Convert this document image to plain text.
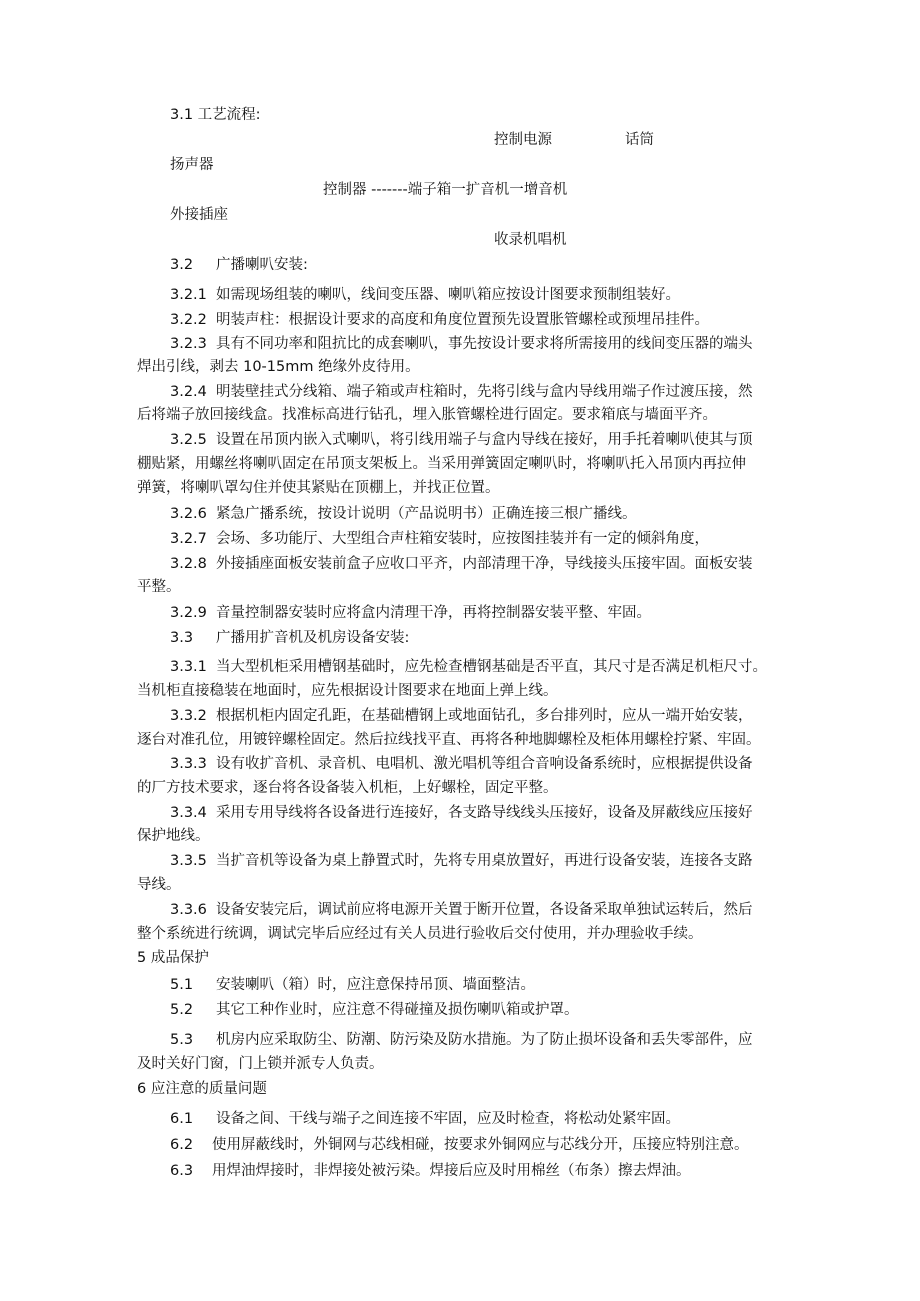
3.1 工艺流程:
控制电源	话筒
扬声器
控制器 -------端子箱一扩音机一增音机
外接插座
收录机唱机
3.2 广播喇叭安装:
3.2.1 如需现场组装的喇叭，线间变压器、喇叭箱应按设计图要求预制组装好。
3.2.2 明装声柱：根据设计要求的高度和角度位置预先设置胀管螺栓或预埋吊挂件。
3.2.3 具有不同功率和阻抗比的成套喇叭，事先按设计要求将所需接用的线间变压器的端头
焊出引线，剥去 10-15mm 绝缘外皮待用。
3.2.4 明装壁挂式分线箱、端子箱或声柱箱时，先将引线与盒内导线用端子作过渡压接，然
后将端子放回接线盒。找准标高进行钻孔，埋入胀管螺栓进行固定。要求箱底与墙面平齐。
3.2.5 设置在吊顶内嵌入式喇叭，将引线用端子与盒内导线在接好，用手托着喇叭使其与顶
棚贴紧，用螺丝将喇叭固定在吊顶支架板上。当采用弹簧固定喇叭时，将喇叭托入吊顶内再拉伸
弹簧，将喇叭罩勾住并使其紧贴在顶棚上，并找正位置。
3.2.6 紧急广播系统，按设计说明（产品说明书）正确连接三根广播线。
3.2.7 会场、多功能厅、大型组合声柱箱安装时，应按图挂装并有一定的倾斜角度，
3.2.8 外接插座面板安装前盒子应收口平齐，内部清理干净，导线接头压接牢固。面板安装
平整。
3.2.9 音量控制器安装时应将盒内清理干净，再将控制器安装平整、牢固。
3.3 广播用扩音机及机房设备安装:
3.3.1 当大型机柜采用槽钢基础时，应先检查槽钢基础是否平直，其尺寸是否满足机柜尺寸。
当机柜直接稳装在地面时，应先根据设计图要求在地面上弹上线。
3.3.2 根据机柜内固定孔距，在基础槽钢上或地面钻孔，多台排列时，应从一端开始安装，
逐台对准孔位，用镀锌螺栓固定。然后拉线找平直、再将各种地脚螺栓及柜体用螺栓拧紧、牢固。
3.3.3 设有收扩音机、录音机、电唱机、激光唱机等组合音响设备系统时，应根据提供设备
的厂方技术要求，逐台将各设备装入机柜，上好螺栓，固定平整。
3.3.4 采用专用导线将各设备进行连接好，各支路导线线头压接好，设备及屏蔽线应压接好
保护地线。
3.3.5 当扩音机等设备为桌上静置式时，先将专用桌放置好，再进行设备安装，连接各支路
导线。
3.3.6 设备安装完后，调试前应将电源开关置于断开位置，各设备采取单独试运转后，然后
整个系统进行统调，调试完毕后应经过有关人员进行验收后交付使用，并办理验收手续。
5 成品保护
5.1 安装喇叭（箱）时，应注意保持吊顶、墙面整洁。
5.2 其它工种作业时，应注意不得碰撞及损伤喇叭箱或护罩。
5.3 机房内应采取防尘、防潮、防污染及防水措施。为了防止损坏设备和丢失零部件，应
及时关好门窗，门上锁并派专人负责。
6 应注意的质量问题
6.1 设备之间、干线与端子之间连接不牢固，应及时检查，将松动处紧牢固。
6.2 使用屏蔽线时，外铜网与芯线相碰，按要求外铜网应与芯线分开，压接应特别注意。
6.3 用焊油焊接时，非焊接处被污染。焊接后应及时用棉丝（布条）擦去焊油。
